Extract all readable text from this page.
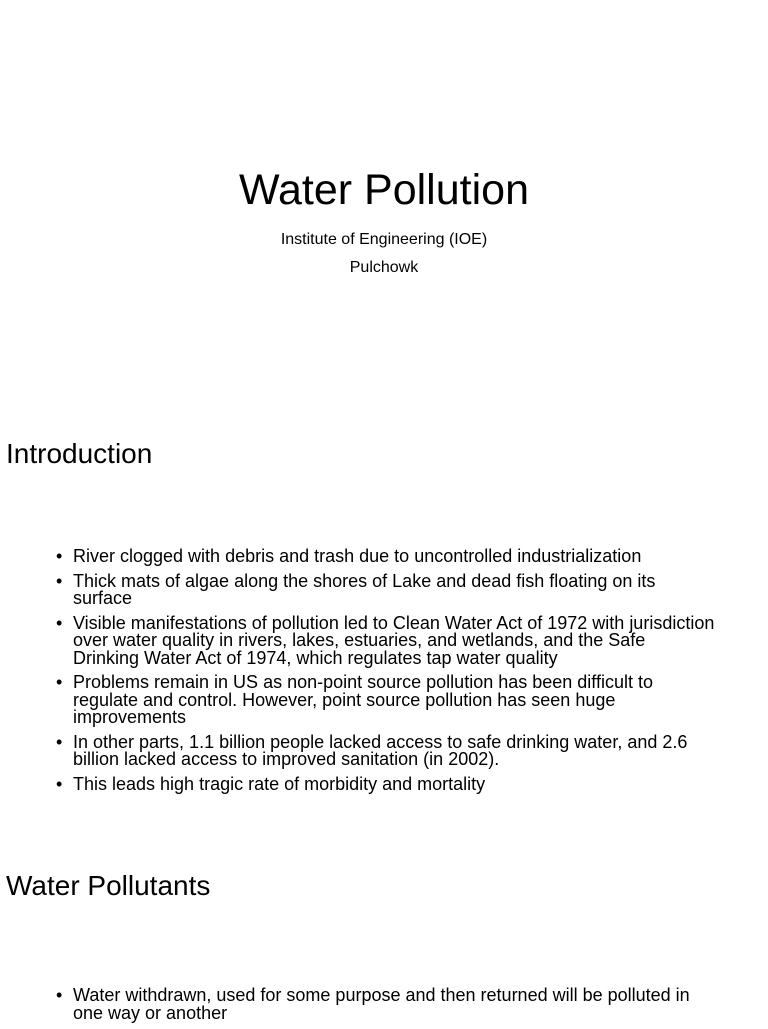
Water Pollution
Institute of Engineering (IOE)
Pulchowk
Introduction
• River clogged with debris and trash due to uncontrolled industrialization
• Thick mats of algae along the shores of Lake and dead fish floating on its surface
• Visible manifestations of pollution led to Clean Water Act of 1972 with jurisdiction over water quality in rivers, lakes, estuaries, and wetlands, and the Safe Drinking Water Act of 1974, which regulates tap water quality
• Problems remain in US as non-point source pollution has been difficult to regulate and control. However, point source pollution has seen huge improvements
• In other parts, 1.1 billion people lacked access to safe drinking water, and 2.6 billion lacked access to improved sanitation (in 2002).
• This leads high tragic rate of morbidity and mortality
Water Pollutants
• Water withdrawn, used for some purpose and then returned will be polluted in one way or another
